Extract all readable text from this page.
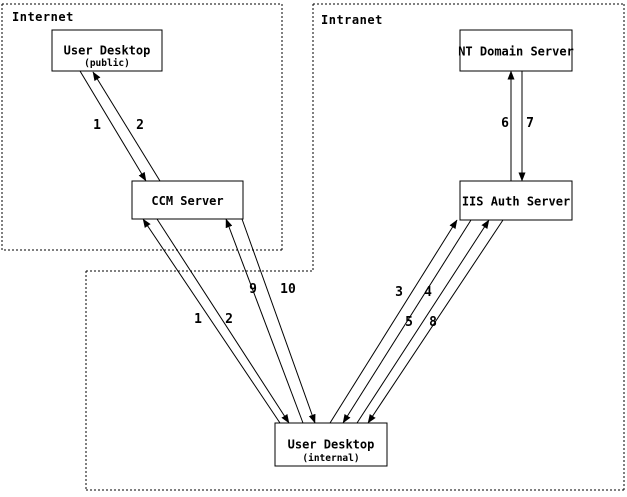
Internet	Intranet
1	2	6 7
1 2
9 10	3 4
5 8
User Desktop
(public)
CCM Server
NT Domain Server
IIS Auth Server
User Desktop
(internal)
